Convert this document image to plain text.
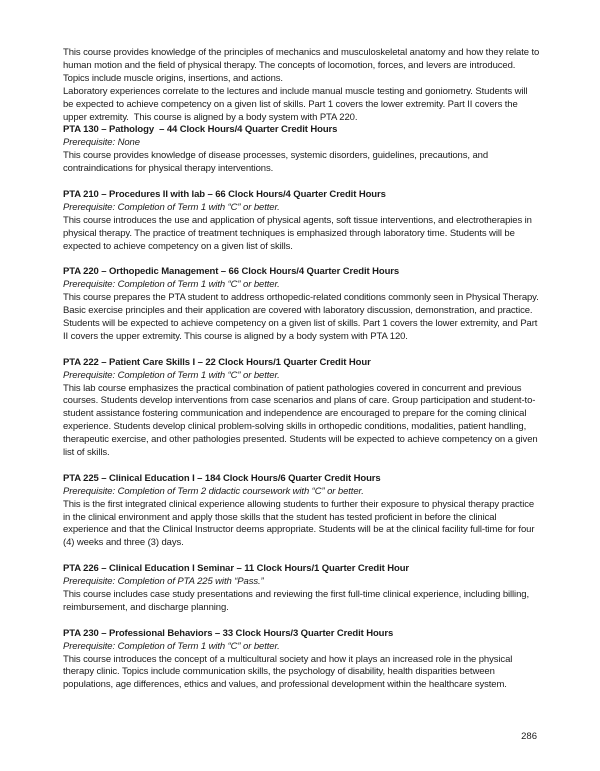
This course provides knowledge of the principles of mechanics and musculoskeletal anatomy and how they relate to human motion and the field of physical therapy. The concepts of locomotion, forces, and levers are introduced. Topics include muscle origins, insertions, and actions.

Laboratory experiences correlate to the lectures and include manual muscle testing and goniometry. Students will be expected to achieve competency on a given list of skills. Part 1 covers the lower extremity. Part II covers the upper extremity.  This course is aligned by a body system with PTA 220.

PTA 130 – Pathology  – 44 Clock Hours/4 Quarter Credit Hours

Prerequisite: None

This course provides knowledge of disease processes, systemic disorders, guidelines, precautions, and contraindications for physical therapy interventions.

PTA 210 – Procedures II with lab – 66 Clock Hours/4 Quarter Credit Hours

Prerequisite: Completion of Term 1 with “C” or better.

This course introduces the use and application of physical agents, soft tissue interventions, and electrotherapies in physical therapy. The practice of treatment techniques is emphasized through laboratory time. Students will be expected to achieve competency on a given list of skills.

PTA 220 – Orthopedic Management – 66 Clock Hours/4 Quarter Credit Hours

Prerequisite: Completion of Term 1 with “C” or better.

This course prepares the PTA student to address orthopedic-related conditions commonly seen in Physical Therapy. Basic exercise principles and their application are covered with laboratory discussion, demonstration, and practice. Students will be expected to achieve competency on a given list of skills. Part 1 covers the lower extremity, and Part II covers the upper extremity. This course is aligned by a body system with PTA 120.

PTA 222 – Patient Care Skills I – 22 Clock Hours/1 Quarter Credit Hour

Prerequisite: Completion of Term 1 with “C” or better.

This lab course emphasizes the practical combination of patient pathologies covered in concurrent and previous courses. Students develop interventions from case scenarios and plans of care. Group participation and student-to-student assistance fostering communication and independence are encouraged to prepare for the coming clinical experience. Students develop clinical problem-solving skills in orthopedic conditions, modalities, patient handling, therapeutic exercise, and other pathologies presented. Students will be expected to achieve competency on a given list of skills.

PTA 225 – Clinical Education I – 184 Clock Hours/6 Quarter Credit Hours

Prerequisite: Completion of Term 2 didactic coursework with “C” or better.

This is the first integrated clinical experience allowing students to further their exposure to physical therapy practice in the clinical environment and apply those skills that the student has tested proficient in before the clinical experience and that the Clinical Instructor deems appropriate. Students will be at the clinical facility full-time for four (4) weeks and three (3) days.

PTA 226 – Clinical Education I Seminar – 11 Clock Hours/1 Quarter Credit Hour

Prerequisite: Completion of PTA 225 with “Pass.”

This course includes case study presentations and reviewing the first full-time clinical experience, including billing, reimbursement, and discharge planning.

PTA 230 – Professional Behaviors – 33 Clock Hours/3 Quarter Credit Hours

Prerequisite: Completion of Term 1 with “C” or better.

This course introduces the concept of a multicultural society and how it plays an increased role in the physical therapy clinic. Topics include communication skills, the psychology of disability, health disparities between populations, age differences, ethics and values, and professional development within the healthcare system.

286
